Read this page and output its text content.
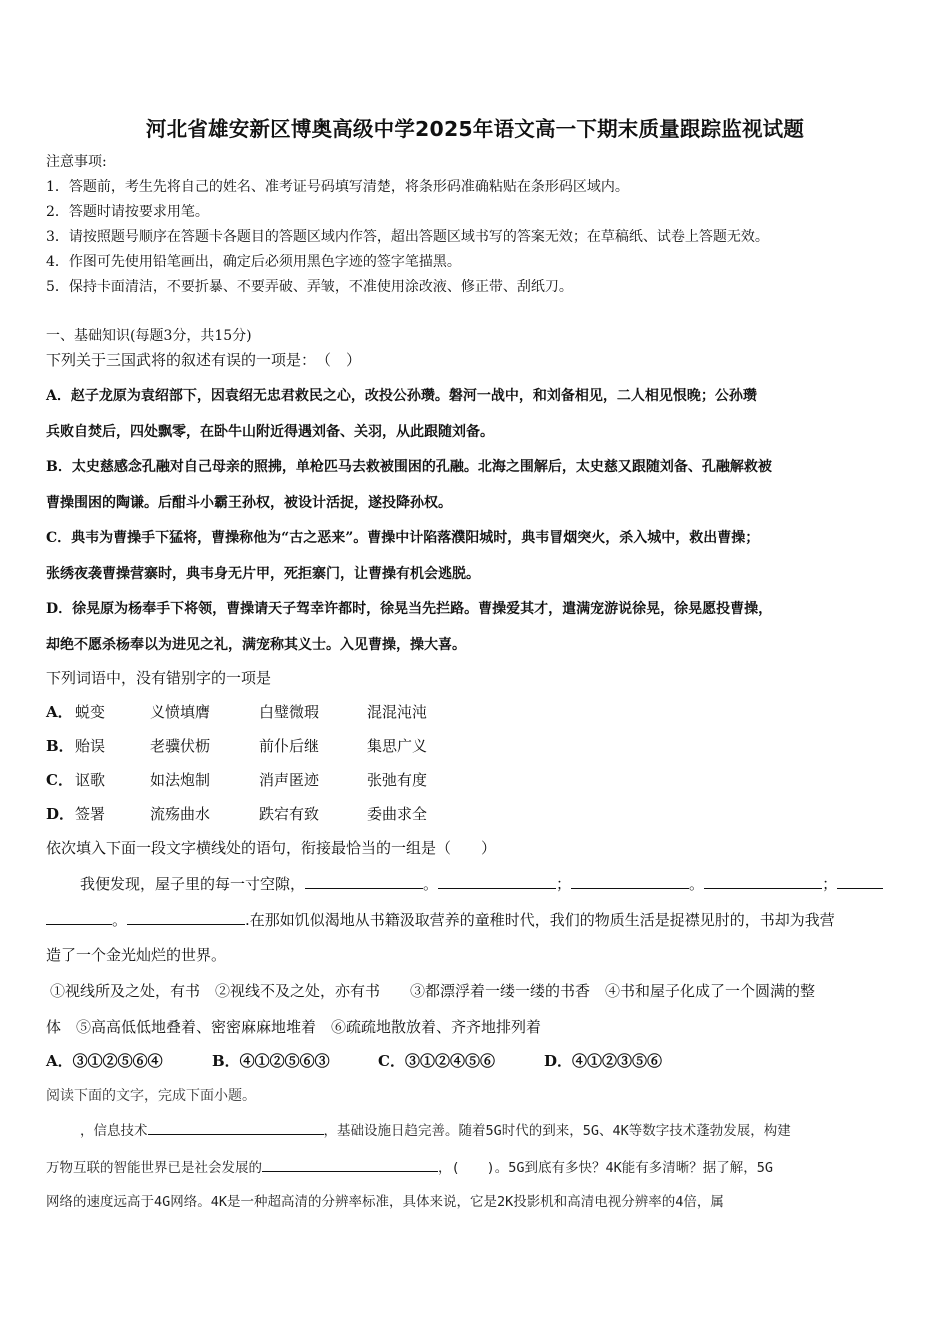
河北省雄安新区博奥高级中学2025年语文高一下期末质量跟踪监视试题
注意事项:
1．答题前，考生先将自己的姓名、准考证号码填写清楚，将条形码准确粘贴在条形码区域内。
2．答题时请按要求用笔。
3．请按照题号顺序在答题卡各题目的答题区域内作答，超出答题区域书写的答案无效；在草稿纸、试卷上答题无效。
4．作图可先使用铅笔画出，确定后必须用黑色字迹的签字笔描黑。
5．保持卡面清洁，不要折暴、不要弄破、弄皱，不准使用涂改液、修正带、刮纸刀。
一、基础知识(每题3分，共15分)
下列关于三国武将的叙述有误的一项是：　（　）
A．赵子龙原为袁绍部下，因袁绍无忠君救民之心，改投公孙瓒。磐河一战中，和刘备相见，二人相见恨晚；公孙瓒
兵败自焚后，四处飘零，在卧牛山附近得遇刘备、关羽，从此跟随刘备。
B．太史慈感念孔融对自己母亲的照拂，单枪匹马去救被围困的孔融。北海之围解后，太史慈又跟随刘备、孔融解救被
曹操围困的陶谦。后酣斗小霸王孙权，被设计活捉，遂投降孙权。
C．典韦为曹操手下猛将，曹操称他为“古之恶来”。曹操中计陷落濮阳城时，典韦冒烟突火，杀入城中，救出曹操；
张绣夜袭曹操营寨时，典韦身无片甲，死拒寨门，让曹操有机会逃脱。
D．徐晃原为杨奉手下将领，曹操请天子驾幸许都时，徐晃当先拦路。曹操爱其才，遣满宠游说徐晃，徐晃愿投曹操，
却绝不愿杀杨奉以为进见之礼，满宠称其义士。入见曹操，操大喜。
下列词语中，没有错别字的一项是
A． 蜕变	义愤填膺	白璧微瑕	混混沌沌
B． 贻误	老骥伏枥	前仆后继	集思广义
C． 讴歌	如法炮制	消声匿迹	张弛有度
D． 签署	流殇曲水	跌宕有致	委曲求全
依次填入下面一段文字横线处的语句，衔接最恰当的一组是（　　）
我便发现，屋子里的每一寸空隙，	。	；	。	；
。	.在那如饥似渴地从书籍汲取营养的童稚时代，我们的物质生活是捉襟见肘的，书却为我营
造了一个金光灿烂的世界。
①视线所及之处，有书　②视线不及之处，亦有书　　③都漂浮着一缕一缕的书香　④书和屋子化成了一个圆满的整
体　⑤高高低低地叠着、密密麻麻地堆着　⑥疏疏地散放着、齐齐地排列着
A．③①②⑤⑥④	B．④①②⑤⑥③	C．③①②④⑤⑥	D．④①②③⑤⑥
阅读下面的文字，完成下面小题。
，信息技术	，基础设施日趋完善。随着5G时代的到来，5G、4K等数字技术蓬勃发展，构建
万物互联的智能世界已是社会发展的	，(　　)。5G到底有多快？4K能有多清晰？据了解，5G
网络的速度远高于4G网络。4K是一种超高清的分辨率标准，具体来说，它是2K投影机和高清电视分辨率的4倍，属
